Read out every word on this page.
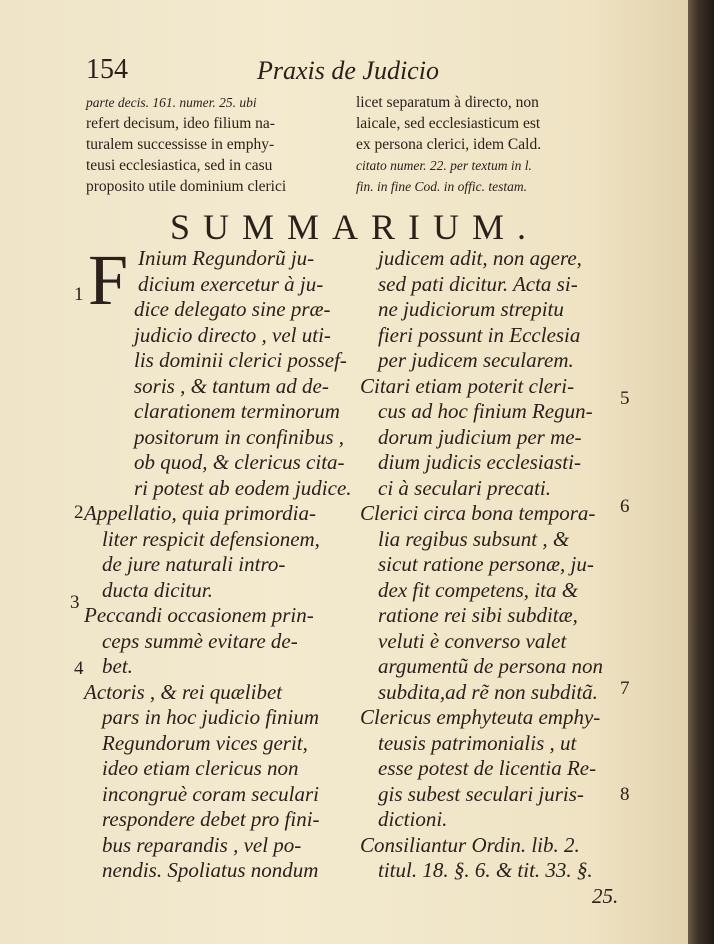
154	Praxis de Judicio
parte decis. 161. numer. 25. ubi
refert decisum, ideo filium na-
turalem successisse in emphy-
teusi ecclesiastica, sed in casu
proposito utile dominium clerici
licet separatum à directo, non
laicale, sed ecclesiasticum est
ex persona clerici, idem Cald.
citato numer. 22. per textum in l.
fin. in fine Cod. in offic. testam.
SUMMARIUM.
F Inium Regundorũ ju-
dicium exercetur à ju-
dice delegato sine præ-
judicio directo , vel uti-
lis dominii clerici possef-
soris , & tantum ad de-
clarationem terminorum
positorum in confinibus ,
ob quod, & clericus cita-
ri potest ab eodem judice.
Appellatio, quia primordia-
liter respicit defensionem,
de jure naturali intro-
ducta dicitur.
Peccandi occasionem prin-
ceps summè evitare de-
bet.
Actoris , & rei quælibet
pars in hoc judicio finium
Regundorum vices gerit,
ideo etiam clericus non
incongruè coram seculari
respondere debet pro fini-
bus reparandis , vel po-
nendis. Spoliatus nondum
judicem adit, non agere,
sed pati dicitur. Acta si-
ne judiciorum strepitu
fieri possunt in Ecclesia
per judicem secularem.
Citari etiam poterit cleri-
cus ad hoc finium Regun-
dorum judicium per me-
dium judicis ecclesiasti-
ci à seculari precati.
Clerici circa bona tempora-
lia regibus subsunt , &
sicut ratione personæ, ju-
dex fit competens, ita &
ratione rei sibi subditæ,
veluti è converso valet
argumentũ de persona non
subdita,ad rẽ non subditã.
Clericus emphyteuta emphy-
teusis patrimonialis , ut
esse potest de licentia Re-
gis subest seculari juris-
dictioni.
Consiliantur Ordin. lib. 2.
titul. 18. §. 6. & tit. 33. §.
25.
1
2
3
4
5
6
7
8
